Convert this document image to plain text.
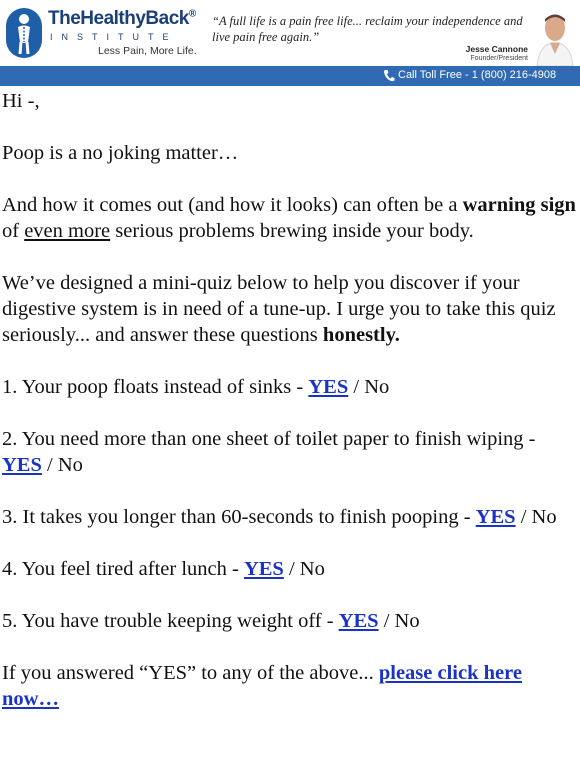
TheHealthyBack®
INSTITUTE
Less Pain, More Life.
“A full life is a pain free life... reclaim your independence and live pain free again.”
Jesse Cannone
Founder/President
Call Toll Free - 1 (800) 216-4908

Hi -,

Poop is a no joking matter…

And how it comes out (and how it looks) can often be a warning sign of even more serious problems brewing inside your body.

We’ve designed a mini-quiz below to help you discover if your digestive system is in need of a tune-up. I urge you to take this quiz seriously... and answer these questions honestly.

1. Your poop floats instead of sinks - YES / No

2. You need more than one sheet of toilet paper to finish wiping - YES / No

3. It takes you longer than 60-seconds to finish pooping - YES / No

4. You feel tired after lunch - YES / No

5. You have trouble keeping weight off - YES / No

If you answered “YES” to any of the above... please click here now…
